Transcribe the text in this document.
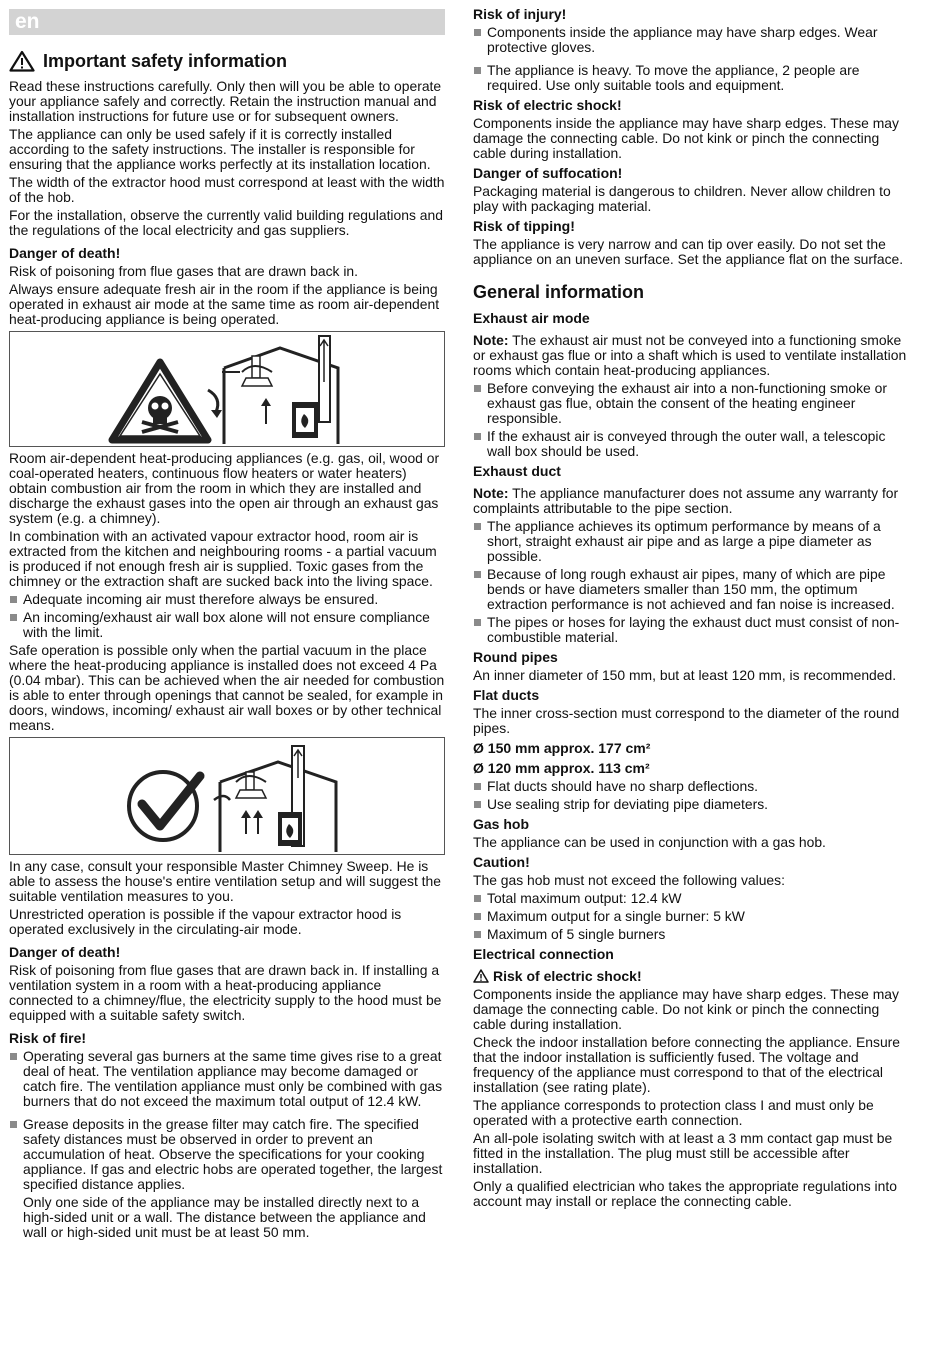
en
Important safety information

Read these instructions carefully. Only then will you be able to operate your appliance safely and correctly. Retain the instruction manual and installation instructions for future use or for subsequent owners.

The appliance can only be used safely if it is correctly installed according to the safety instructions. The installer is responsible for ensuring that the appliance works perfectly at its installation location.

The width of the extractor hood must correspond at least with the width of the hob.

For the installation, observe the currently valid building regulations and the regulations of the local electricity and gas suppliers.

Danger of death!

Risk of poisoning from flue gases that are drawn back in.

Always ensure adequate fresh air in the room if the appliance is being operated in exhaust air mode at the same time as room air-dependent heat-producing appliance is being operated.

Room air-dependent heat-producing appliances (e.g. gas, oil, wood or coal-operated heaters, continuous flow heaters or water heaters) obtain combustion air from the room in which they are installed and discharge the exhaust gases into the open air through an exhaust gas system (e.g. a chimney).

In combination with an activated vapour extractor hood, room air is extracted from the kitchen and neighbouring rooms - a partial vacuum is produced if not enough fresh air is supplied. Toxic gases from the chimney or the extraction shaft are sucked back into the living space.

Adequate incoming air must therefore always be ensured.
An incoming/exhaust air wall box alone will not ensure compliance with the limit.

Safe operation is possible only when the partial vacuum in the place where the heat-producing appliance is installed does not exceed 4 Pa (0.04 mbar). This can be achieved when the air needed for combustion is able to enter through openings that cannot be sealed, for example in doors, windows, incoming/ exhaust air wall boxes or by other technical means.

In any case, consult your responsible Master Chimney Sweep. He is able to assess the house's entire ventilation setup and will suggest the suitable ventilation measures to you.

Unrestricted operation is possible if the vapour extractor hood is operated exclusively in the circulating-air mode.

Danger of death!

Risk of poisoning from flue gases that are drawn back in. If installing a ventilation system in a room with a heat-producing appliance connected to a chimney/flue, the electricity supply to the hood must be equipped with a suitable safety switch.

Risk of fire!
Operating several gas burners at the same time gives rise to a great deal of heat. The ventilation appliance may become damaged or catch fire. The ventilation appliance must only be combined with gas burners that do not exceed the maximum total output of 12.4 kW.
Grease deposits in the grease filter may catch fire. The specified safety distances must be observed in order to prevent an accumulation of heat. Observe the specifications for your cooking appliance. If gas and electric hobs are operated together, the largest specified distance applies.
Only one side of the appliance may be installed directly next to a high-sided unit or a wall. The distance between the appliance and wall or high-sided unit must be at least 50 mm.
Risk of injury!
Components inside the appliance may have sharp edges. Wear protective gloves.
The appliance is heavy. To move the appliance, 2 people are required. Use only suitable tools and equipment.
Risk of electric shock!

Components inside the appliance may have sharp edges. These may damage the connecting cable. Do not kink or pinch the connecting cable during installation.

Danger of suffocation!

Packaging material is dangerous to children. Never allow children to play with packaging material.

Risk of tipping!

The appliance is very narrow and can tip over easily. Do not set the appliance on an uneven surface. Set the appliance flat on the surface.

General information
Exhaust air mode

Note: The exhaust air must not be conveyed into a functioning smoke or exhaust gas flue or into a shaft which is used to ventilate installation rooms which contain heat-producing appliances.

Before conveying the exhaust air into a non-functioning smoke or exhaust gas flue, obtain the consent of the heating engineer responsible.
If the exhaust air is conveyed through the outer wall, a telescopic wall box should be used.
Exhaust duct

Note: The appliance manufacturer does not assume any warranty for complaints attributable to the pipe section.

The appliance achieves its optimum performance by means of a short, straight exhaust air pipe and as large a pipe diameter as possible.
Because of long rough exhaust air pipes, many of which are pipe bends or have diameters smaller than 150 mm, the optimum extraction performance is not achieved and fan noise is increased.
The pipes or hoses for laying the exhaust duct must consist of non-combustible material.
Round pipes

An inner diameter of 150 mm, but at least 120 mm, is recommended.

Flat ducts

The inner cross-section must correspond to the diameter of the round pipes.

Ø 150 mm approx. 177 cm²
Ø 120 mm approx. 113 cm²
Flat ducts should have no sharp deflections.
Use sealing strip for deviating pipe diameters.
Gas hob

The appliance can be used in conjunction with a gas hob.

Caution!

The gas hob must not exceed the following values:

Total maximum output: 12.4 kW
Maximum output for a single burner: 5 kW
Maximum of 5 single burners
Electrical connection
Risk of electric shock!

Components inside the appliance may have sharp edges. These may damage the connecting cable. Do not kink or pinch the connecting cable during installation.

Check the indoor installation before connecting the appliance. Ensure that the indoor installation is sufficiently fused. The voltage and frequency of the appliance must correspond to that of the electrical installation (see rating plate).

The appliance corresponds to protection class I and must only be operated with a protective earth connection.

An all-pole isolating switch with at least a 3 mm contact gap must be fitted in the installation. The plug must still be accessible after installation.

Only a qualified electrician who takes the appropriate regulations into account may install or replace the connecting cable.
